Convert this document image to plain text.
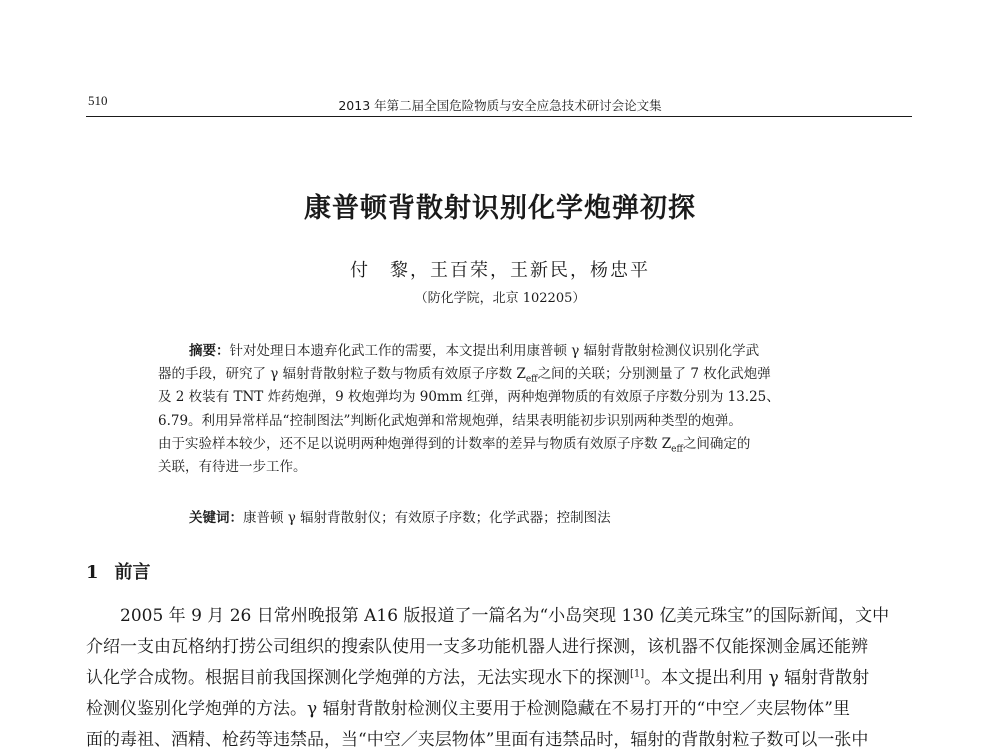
510	2013 年第二届全国危险物质与安全应急技术研讨会论文集
康普顿背散射识别化学炮弹初探
付　黎，王百荣，王新民，杨忠平
（防化学院，北京 102205）
摘要：针对处理日本遗弃化武工作的需要，本文提出利用康普顿 γ 辐射背散射检测仪识别化学武
器的手段，研究了 γ 辐射背散射粒子数与物质有效原子序数 $Z_{eff}$之间的关联；分别测量了 7 枚化武炮弹
及 2 枚装有 TNT 炸药炮弹，9 枚炮弹均为 90mm 红弹，两种炮弹物质的有效原子序数分别为 13.25、
6.79。利用异常样品“控制图法”判断化武炮弹和常规炮弹，结果表明能初步识别两种类型的炮弹。
由于实验样本较少，还不足以说明两种炮弹得到的计数率的差异与物质有效原子序数 $Z_{eff}$之间确定的
关联，有待进一步工作。
关键词：康普顿 γ 辐射背散射仪；有效原子序数；化学武器；控制图法
1 前言
2005 年 9 月 26 日常州晚报第 A16 版报道了一篇名为“小岛突现 130 亿美元珠宝”的国际新闻，文中
介绍一支由瓦格纳打捞公司组织的搜索队使用一支多功能机器人进行探测，该机器不仅能探测金属还能辨
认化学合成物。根据目前我国探测化学炮弹的方法，无法实现水下的探测[1]。本文提出利用 γ 辐射背散射
检测仪鉴别化学炮弹的方法。γ 辐射背散射检测仪主要用于检测隐藏在不易打开的“中空／夹层物体”里
面的毒祖、酒精、枪药等违禁品，当“中空／夹层物体”里面有违禁品时，辐射的背散射粒子数可以一张中
